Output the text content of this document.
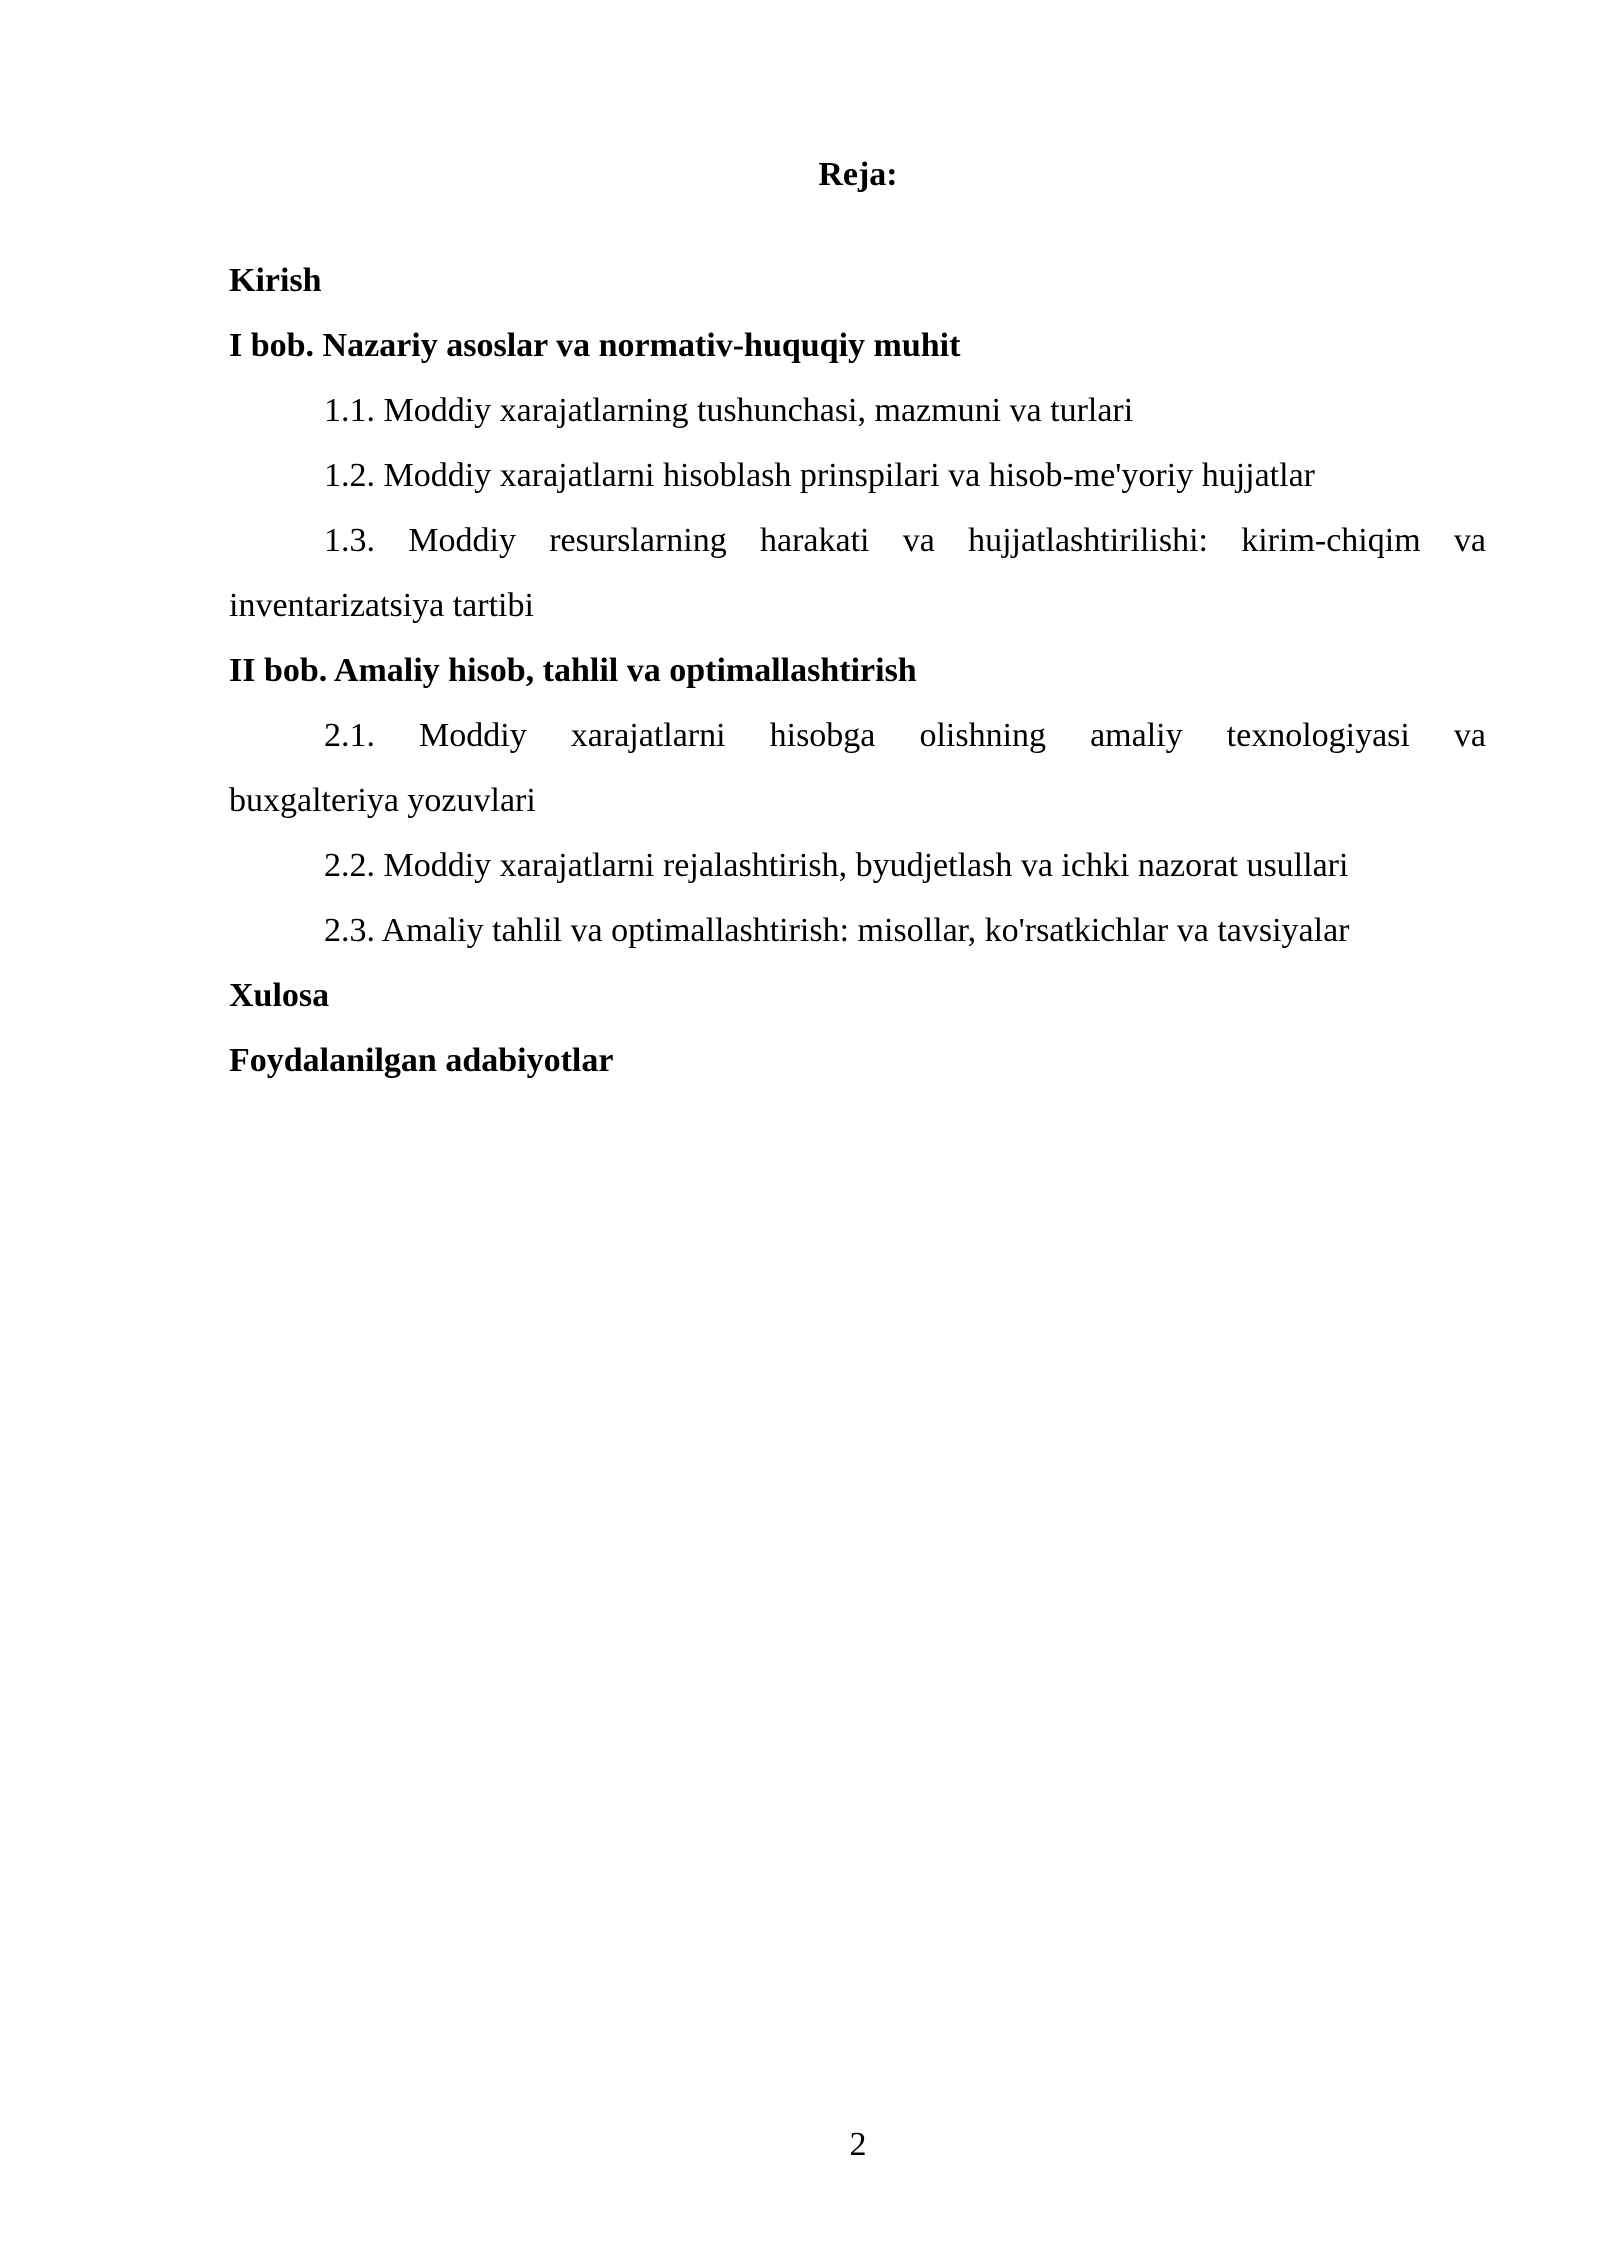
Reja:

Kirish

I bob. Nazariy asoslar va normativ-huquqiy muhit

1.1. Moddiy xarajatlarning tushunchasi, mazmuni va turlari

1.2. Moddiy xarajatlarni hisoblash prinspilari va hisob-me'yoriy hujjatlar

1.3. Moddiy resurslarning harakati va hujjatlashtirilishi: kirim-chiqim va

inventarizatsiya tartibi

II bob. Amaliy hisob, tahlil va optimallashtirish

2.1. Moddiy xarajatlarni hisobga olishning amaliy texnologiyasi va

buxgalteriya yozuvlari

2.2. Moddiy xarajatlarni rejalashtirish, byudjetlash va ichki nazorat usullari

2.3. Amaliy tahlil va optimallashtirish: misollar, ko'rsatkichlar va tavsiyalar

Xulosa

Foydalanilgan adabiyotlar

2
